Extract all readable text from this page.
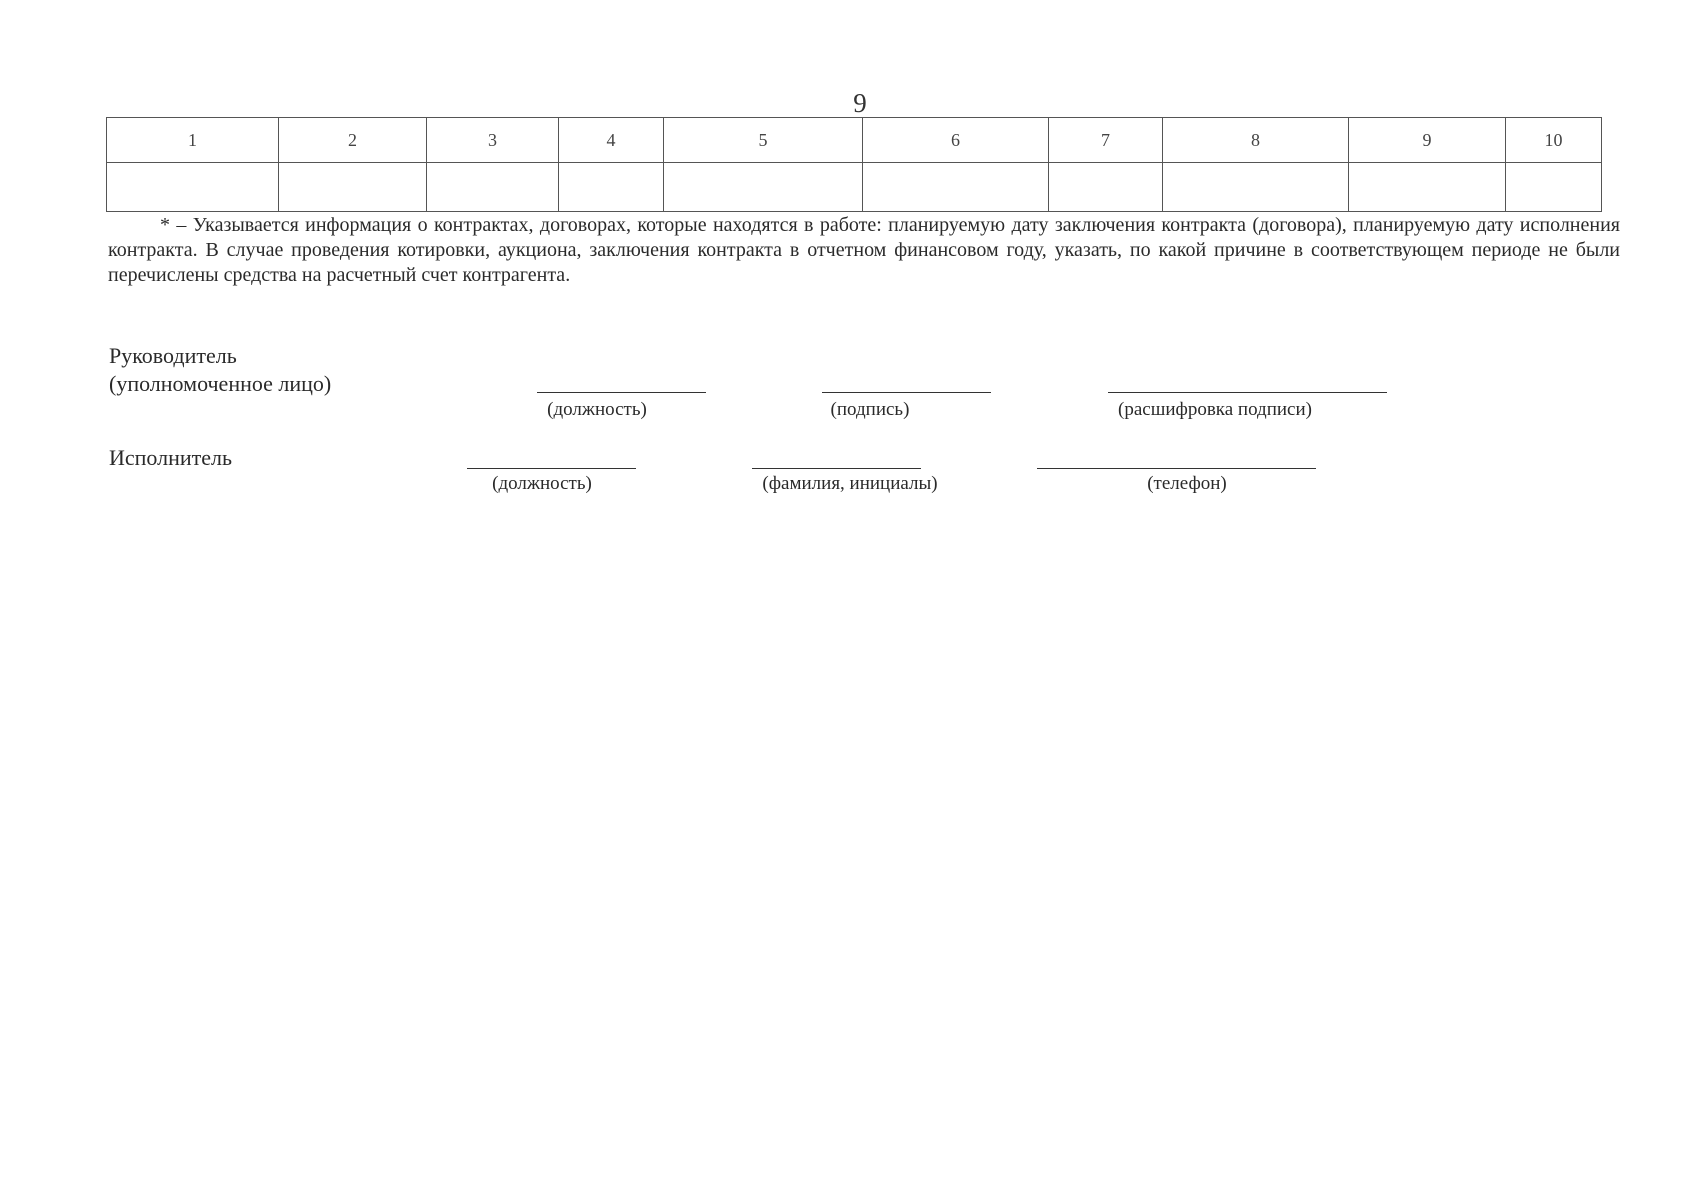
9
1	2	3	4	5	6	7	8	9	10

* – Указывается информация о контрактах, договорах, которые находятся в работе: планируемую дату заключения контракта (договора), планируемую дату исполнения контракта. В случае проведения котировки, аукциона, заключения контракта в отчетном финансовом году, указать, по какой причине в соответствующем периоде не были перечислены средства на расчетный счет контрагента.

Руководитель

(уполномоченное лицо)

(должность)	(подпись)	(расшифровка подписи)

Исполнитель

(должность)	(фамилия, инициалы)	(телефон)
